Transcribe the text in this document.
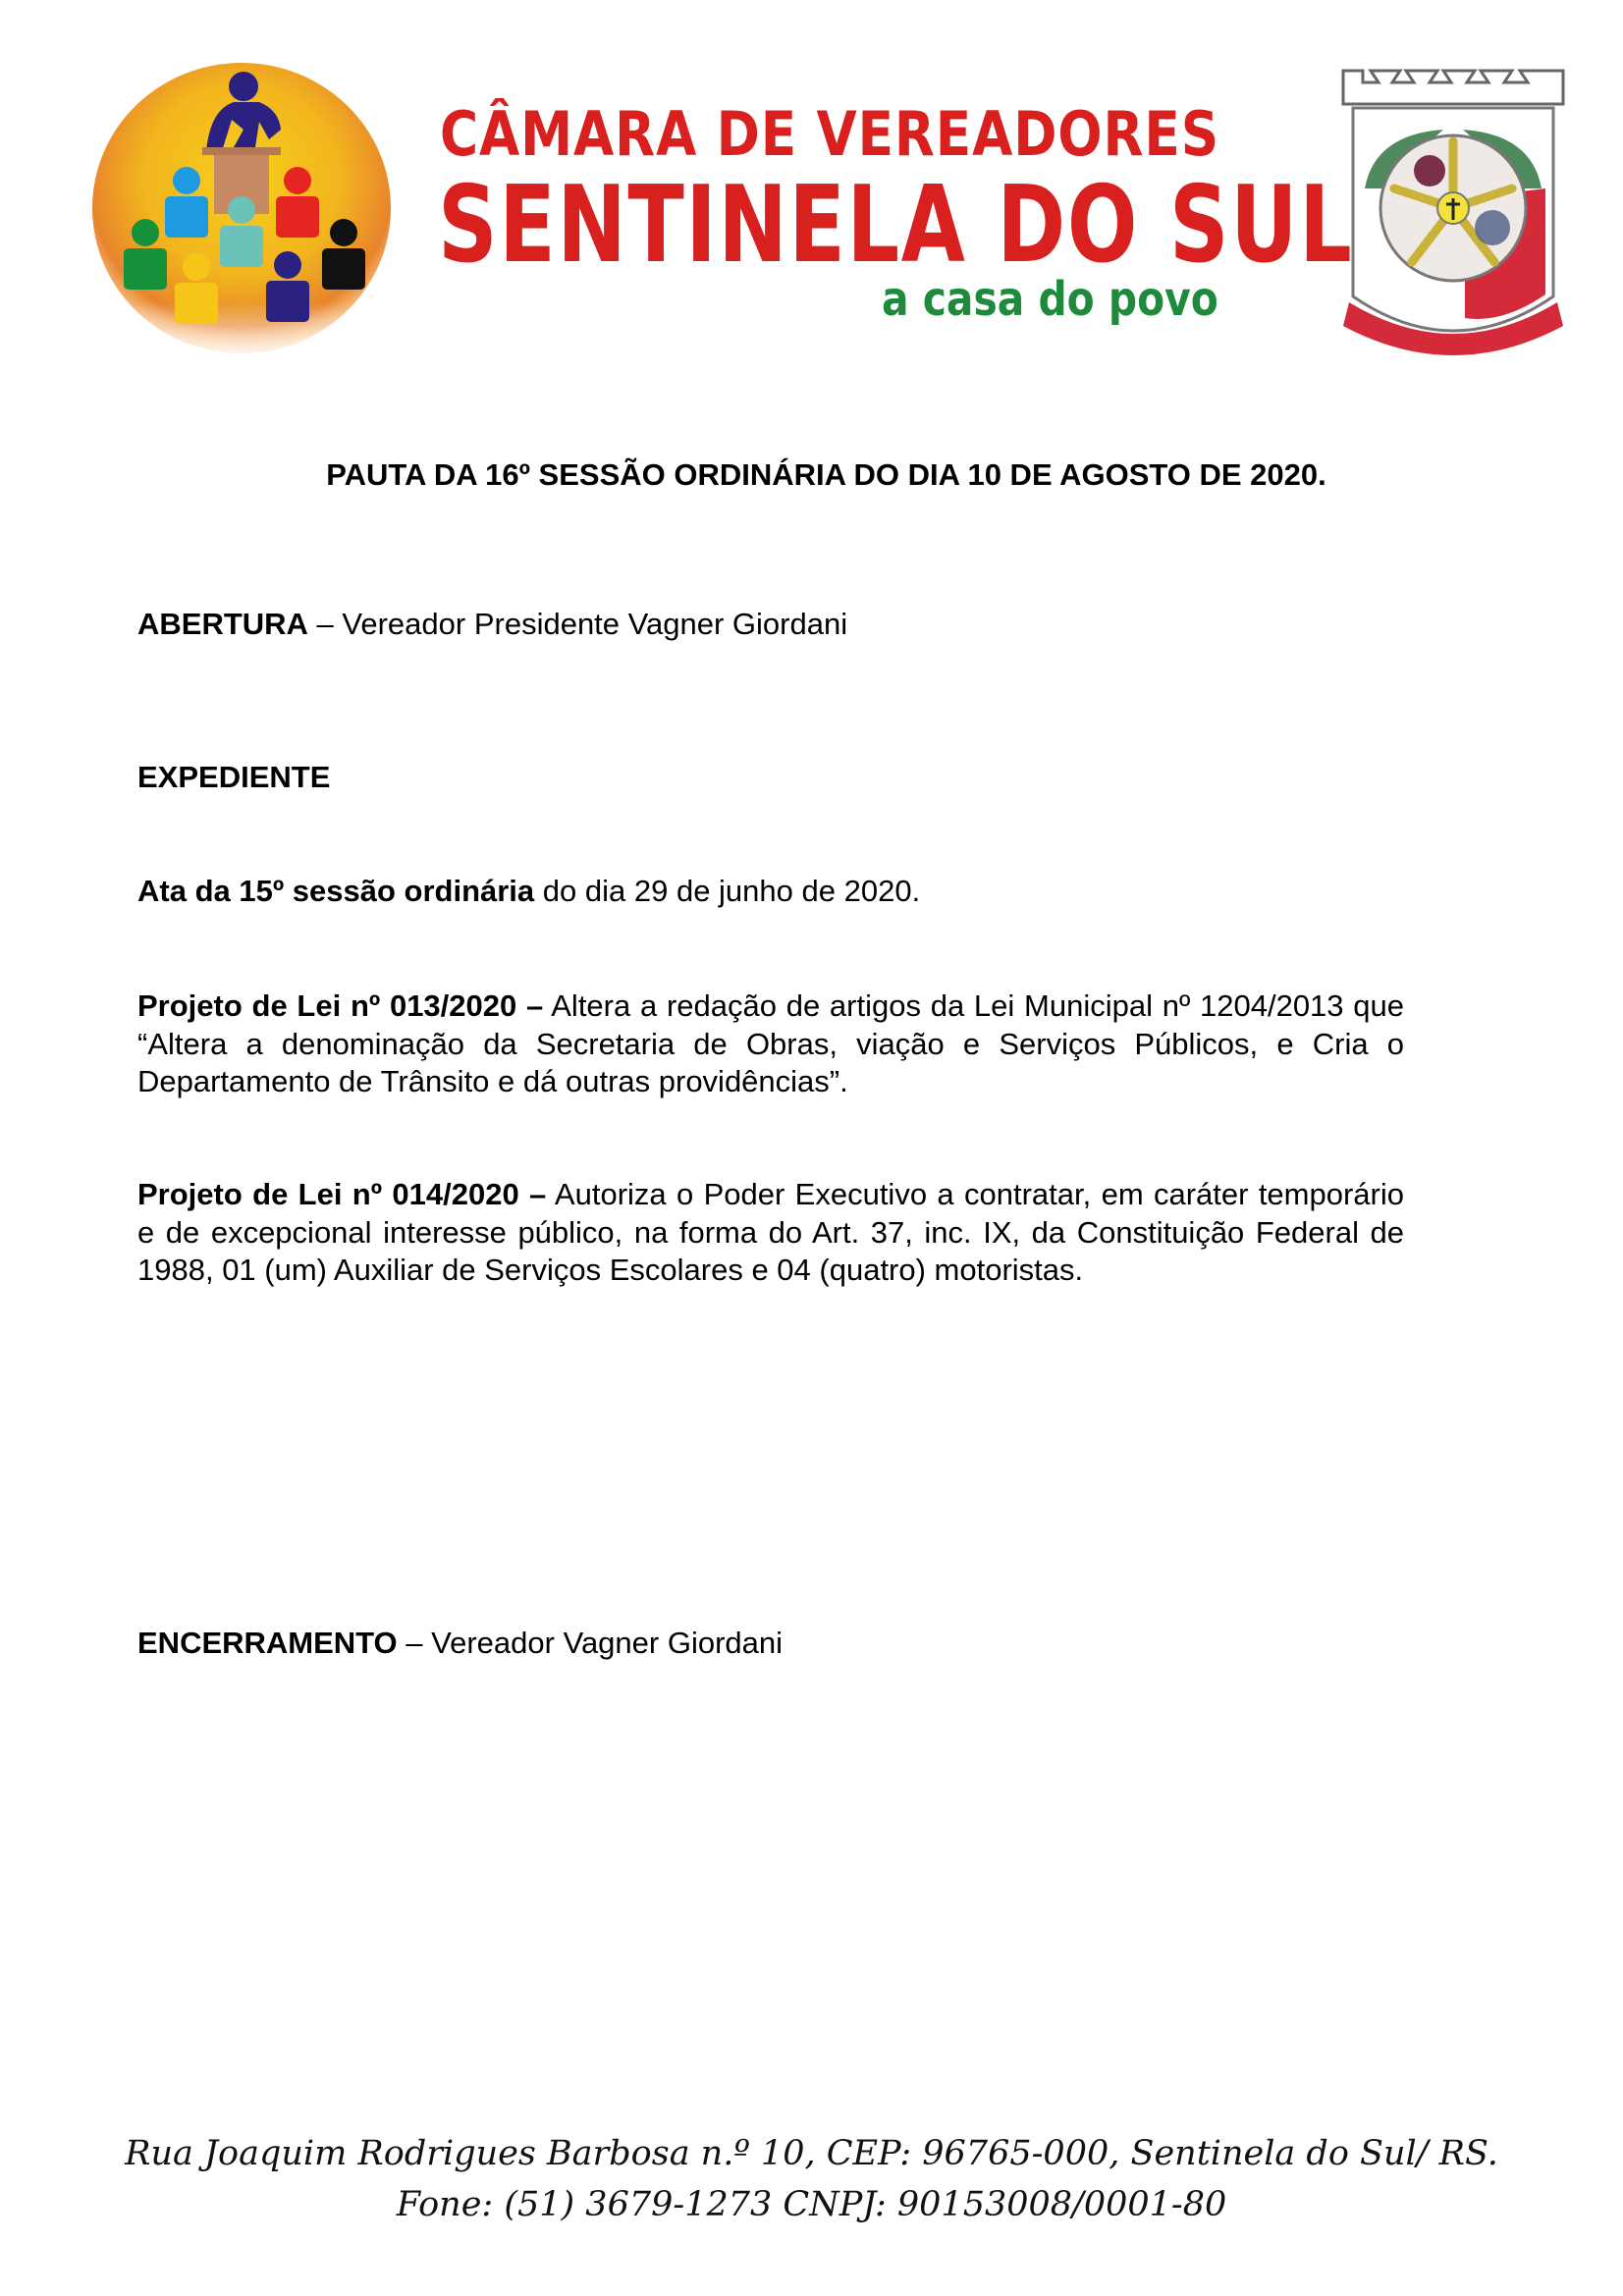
CÂMARA DE VEREADORES
SENTINELA DO SUL
a casa do povo
PAUTA DA 16º SESSÃO ORDINÁRIA DO DIA 10 DE AGOSTO DE 2020.
ABERTURA – Vereador Presidente Vagner Giordani
EXPEDIENTE
Ata da 15º sessão ordinária do dia 29 de junho de 2020.
Projeto de Lei nº 013/2020 – Altera a redação de artigos da Lei Municipal nº 1204/2013 que “Altera a denominação da Secretaria de Obras, viação e Serviços Públicos, e Cria o Departamento de Trânsito e dá outras providências”.
Projeto de Lei nº 014/2020 – Autoriza o Poder Executivo a contratar, em caráter temporário e de excepcional interesse público, na forma do Art. 37, inc. IX, da Constituição Federal de 1988, 01 (um) Auxiliar de Serviços Escolares e 04 (quatro) motoristas.
ENCERRAMENTO – Vereador Vagner Giordani
Rua Joaquim Rodrigues Barbosa n.º 10, CEP: 96765-000, Sentinela do Sul/ RS.
Fone: (51) 3679-1273 CNPJ: 90153008/0001-80
